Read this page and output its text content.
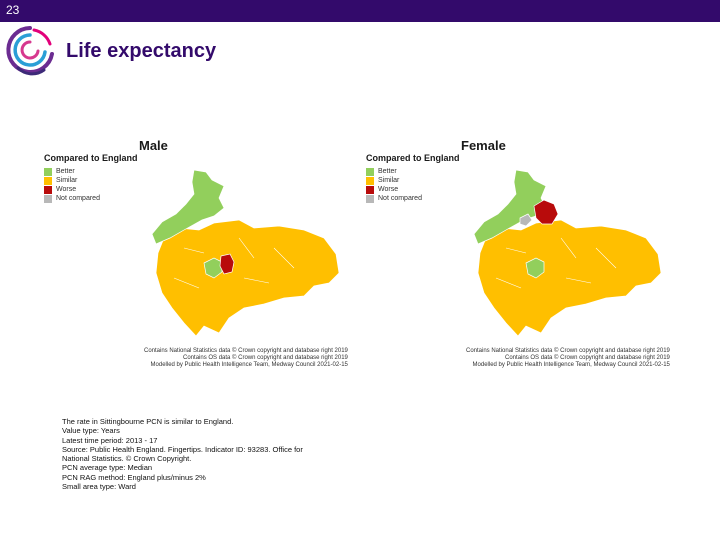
23
Life expectancy
Male
Compared to England
Better
Similar
Worse
Not compared
Contains National Statistics data © Crown copyright and database right 2019
Contains OS data © Crown copyright and database right 2019
Modelled by Public Health Intelligence Team, Medway Council 2021-02-15
Female
Compared to England
Better
Similar
Worse
Not compared
Contains National Statistics data © Crown copyright and database right 2019
Contains OS data © Crown copyright and database right 2019
Modelled by Public Health Intelligence Team, Medway Council 2021-02-15
The rate in Sittingbourne PCN is similar to England.
Value type: Years
Latest time period: 2013 - 17
Source: Public Health England. Fingertips. Indicator ID: 93283. Office for
National Statistics. © Crown Copyright.
PCN average type: Median
PCN RAG method: England plus/minus 2%
Small area type: Ward
